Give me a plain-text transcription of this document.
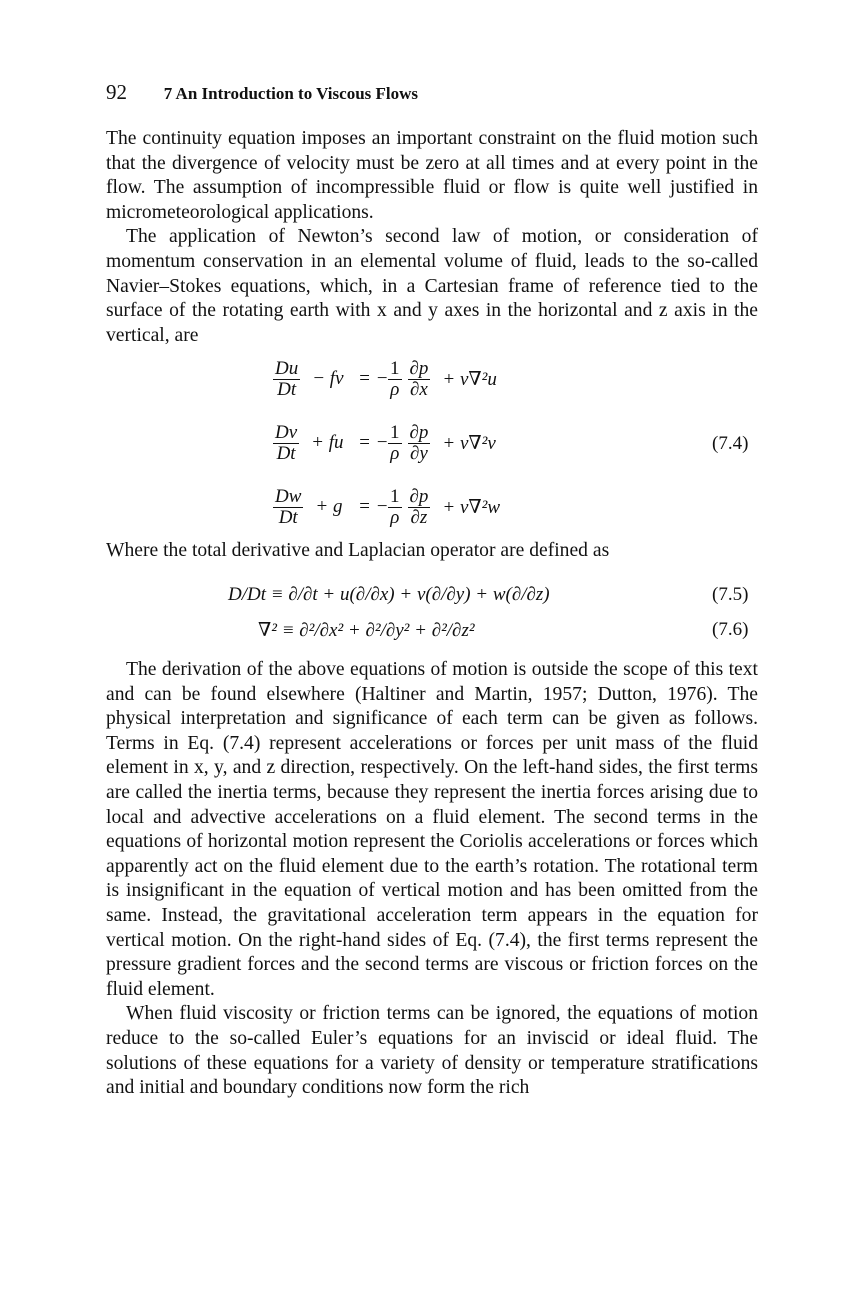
92 7 An Introduction to Viscous Flows

The continuity equation imposes an important constraint on the fluid motion such that the divergence of velocity must be zero at all times and at every point in the flow. The assumption of incompressible fluid or flow is quite well justified in micrometeorological applications.

The application of Newton’s second law of motion, or consideration of momentum conservation in an elemental volume of fluid, leads to the so-called Navier–Stokes equations, which, in a Cartesian frame of reference tied to the surface of the rotating earth with x and y axes in the horizontal and z axis in the vertical, are

$\frac{Du}{Dt}$ − fv = − $\frac{1}{\rho} \frac{\partial p}{\partial x} + \nu\nabla^2u$
$\frac{Dv}{Dt}$ + fu = − $\frac{1}{\rho} \frac{\partial p}{\partial y} + \nu\nabla^2v$	(7.4)
$\frac{Dw}{Dt} + g$ = − $\frac{1}{\rho} \frac{\partial p}{\partial z} + \nu\nabla^2w$
Where the total derivative and Laplacian operator are defined as
D/Dt ≡ ∂/∂t + u(∂/∂x) + v(∂/∂y) + w(∂/∂z)	(7.5)
∇² ≡ ∂²/∂x² + ∂²/∂y² + ∂²/∂z²	(7.6)

The derivation of the above equations of motion is outside the scope of this text and can be found elsewhere (Haltiner and Martin, 1957; Dutton, 1976). The physical interpretation and significance of each term can be given as follows. Terms in Eq. (7.4) represent accelerations or forces per unit mass of the fluid element in x, y, and z direction, respectively. On the left-hand sides, the first terms are called the inertia terms, because they represent the inertia forces arising due to local and advective accelerations on a fluid element. The second terms in the equations of horizontal motion represent the Coriolis accelerations or forces which apparently act on the fluid element due to the earth’s rotation. The rotational term is insignificant in the equation of vertical motion and has been omitted from the same. Instead, the gravitational acceleration term appears in the equation for vertical motion. On the right-hand sides of Eq. (7.4), the first terms represent the pressure gradient forces and the second terms are viscous or friction forces on the fluid element.

When fluid viscosity or friction terms can be ignored, the equations of motion reduce to the so-called Euler’s equations for an inviscid or ideal fluid. The solutions of these equations for a variety of density or temperature stratifications and initial and boundary conditions now form the rich
